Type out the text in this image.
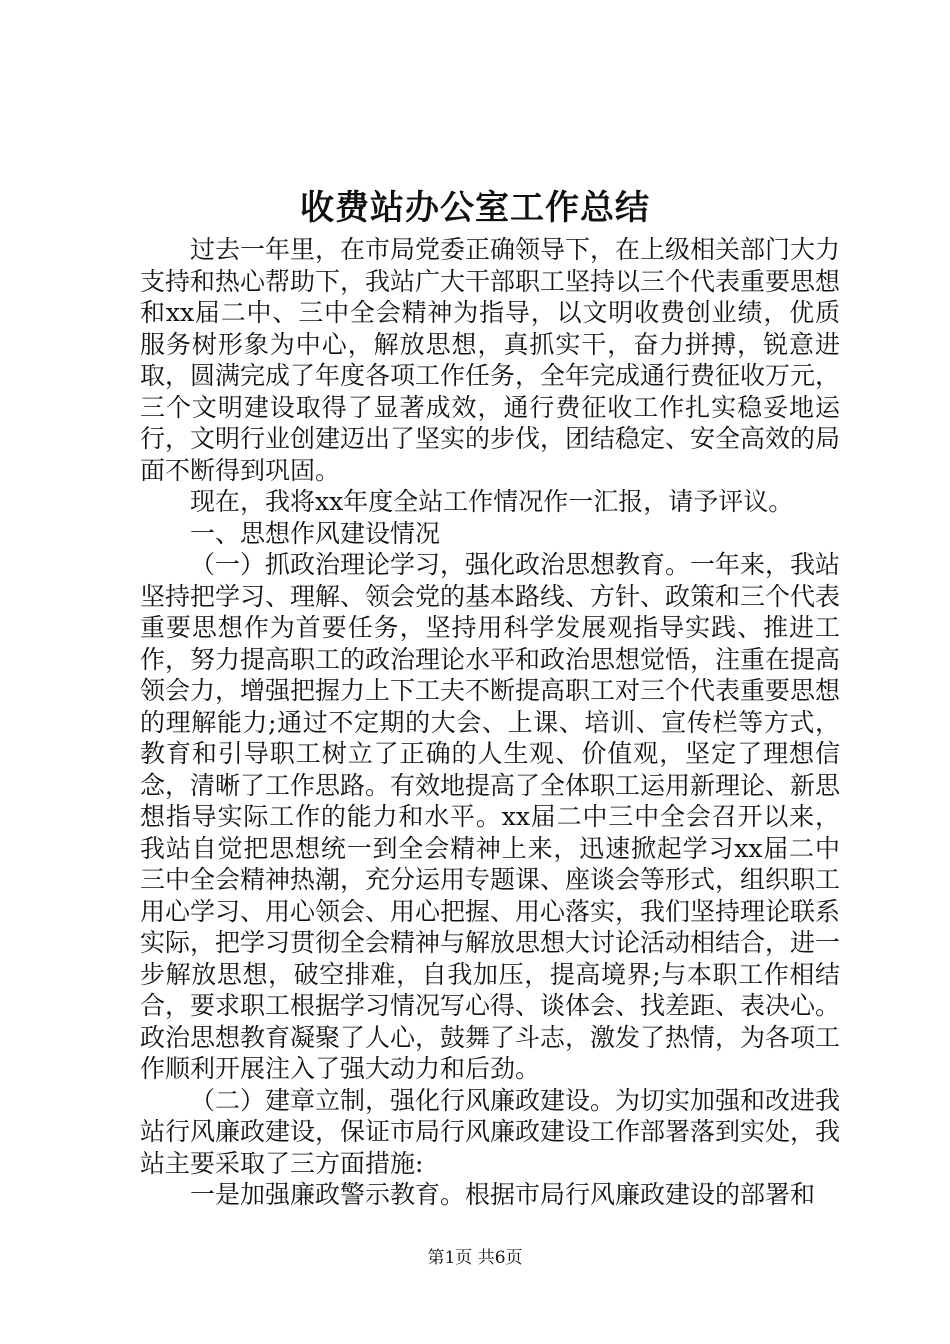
收费站办公室工作总结

过去一年里，在市局党委正确领导下，在上级相关部门大力支持和热心帮助下，我站广大干部职工坚持以三个代表重要思想和xx届二中、三中全会精神为指导，以文明收费创业绩，优质服务树形象为中心，解放思想，真抓实干，奋力拼搏，锐意进取，圆满完成了年度各项工作任务，全年完成通行费征收万元，三个文明建设取得了显著成效，通行费征收工作扎实稳妥地运行，文明行业创建迈出了坚实的步伐，团结稳定、安全高效的局面不断得到巩固。

现在，我将xx年度全站工作情况作一汇报，请予评议。

一、思想作风建设情况

（一）抓政治理论学习，强化政治思想教育。一年来，我站坚持把学习、理解、领会党的基本路线、方针、政策和三个代表重要思想作为首要任务，坚持用科学发展观指导实践、推进工作，努力提高职工的政治理论水平和政治思想觉悟，注重在提高领会力，增强把握力上下工夫不断提高职工对三个代表重要思想的理解能力;通过不定期的大会、上课、培训、宣传栏等方式，教育和引导职工树立了正确的人生观、价值观，坚定了理想信念，清晰了工作思路。有效地提高了全体职工运用新理论、新思想指导实际工作的能力和水平。xx届二中三中全会召开以来，我站自觉把思想统一到全会精神上来，迅速掀起学习xx届二中三中全会精神热潮，充分运用专题课、座谈会等形式，组织职工用心学习、用心领会、用心把握、用心落实，我们坚持理论联系实际，把学习贯彻全会精神与解放思想大讨论活动相结合，进一步解放思想，破空排难，自我加压，提高境界;与本职工作相结合，要求职工根据学习情况写心得、谈体会、找差距、表决心。政治思想教育凝聚了人心，鼓舞了斗志，激发了热情，为各项工作顺利开展注入了强大动力和后劲。

（二）建章立制，强化行风廉政建设。为切实加强和改进我站行风廉政建设，保证市局行风廉政建设工作部署落到实处，我站主要采取了三方面措施:

一是加强廉政警示教育。根据市局行风廉政建设的部署和

第1页 共6页
